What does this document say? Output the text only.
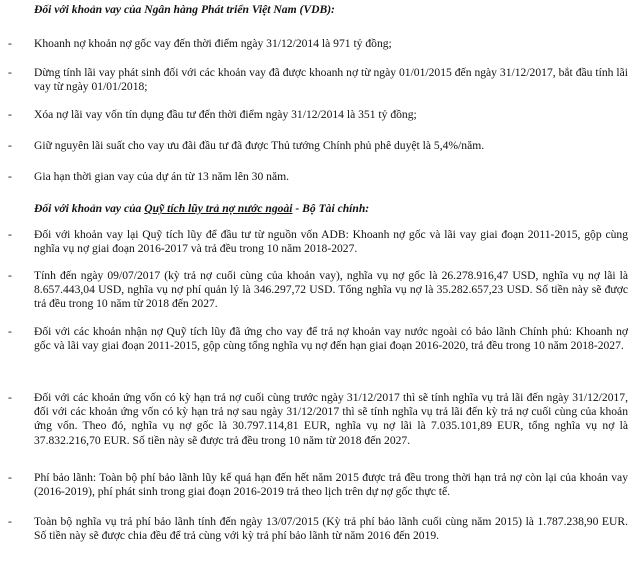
Đối với khoản vay của Ngân hàng Phát triển Việt Nam (VDB):
-	Khoanh nợ khoản nợ gốc vay đến thời điểm ngày 31/12/2014 là 971 tỷ đồng;
-	Dừng tính lãi vay phát sinh đối với các khoản vay đã được khoanh nợ từ ngày 01/01/2015 đến ngày 31/12/2017, bắt đầu tính lãi vay từ ngày 01/01/2018;
-	Xóa nợ lãi vay vốn tín dụng đầu tư đến thời điểm ngày 31/12/2014 là 351 tỷ đồng;
-	Giữ nguyên lãi suất cho vay ưu đãi đầu tư đã được Thủ tướng Chính phủ phê duyệt là 5,4%/năm.
-	Gia hạn thời gian vay của dự án từ 13 năm lên 30 năm.
Đối với khoản vay của Quỹ tích lũy trả nợ nước ngoài - Bộ Tài chính:
-	Đối với khoản vay lại Quỹ tích lũy để đầu tư từ nguồn vốn ADB: Khoanh nợ gốc và lãi vay giai đoạn 2011-2015, gộp cùng nghĩa vụ nợ giai đoạn 2016-2017 và trả đều trong 10 năm 2018-2027.
-	Tính đến ngày 09/07/2017 (kỳ trả nợ cuối cùng của khoản vay), nghĩa vụ nợ gốc là 26.278.916,47 USD, nghĩa vụ nợ lãi là 8.657.443,04 USD, nghĩa vụ nợ phí quản lý là 346.297,72 USD. Tổng nghĩa vụ nợ là 35.282.657,23 USD. Số tiền này sẽ được trả đều trong 10 năm từ 2018 đến 2027.
-	Đối với các khoản nhận nợ Quỹ tích lũy đã ứng cho vay để trả nợ khoản vay nước ngoài có bảo lãnh Chính phủ: Khoanh nợ gốc và lãi vay giai đoạn 2011-2015, gộp cùng tổng nghĩa vụ nợ đến hạn giai đoạn 2016-2020, trả đều trong 10 năm 2018-2027.
-	Đối với các khoản ứng vốn có kỳ hạn trả nợ cuối cùng trước ngày 31/12/2017 thì sẽ tính nghĩa vụ trả lãi đến ngày 31/12/2017, đối với các khoản ứng vốn có kỳ hạn trả nợ sau ngày 31/12/2017 thì sẽ tính nghĩa vụ trả lãi đến kỳ trả nợ cuối cùng của khoản ứng vốn. Theo đó, nghĩa vụ nợ gốc là 30.797.114,81 EUR, nghĩa vụ nợ lãi là 7.035.101,89 EUR, tổng nghĩa vụ nợ là 37.832.216,70 EUR. Số tiền này sẽ được trả đều trong 10 năm từ 2018 đến 2027.
-	Phí bảo lãnh: Toàn bộ phí bảo lãnh lũy kế quá hạn đến hết năm 2015 được trả đều trong thời hạn trả nợ còn lại của khoản vay (2016-2019), phí phát sinh trong giai đoạn 2016-2019 trả theo lịch trên dự nợ gốc thực tế.
-	Toàn bộ nghĩa vụ trả phí bảo lãnh tính đến ngày 13/07/2015 (Kỳ trả phí bảo lãnh cuối cùng năm 2015) là 1.787.238,90 EUR. Số tiền này sẽ được chia đều để trả cùng với kỳ trả phí bảo lãnh từ năm 2016 đến 2019.
